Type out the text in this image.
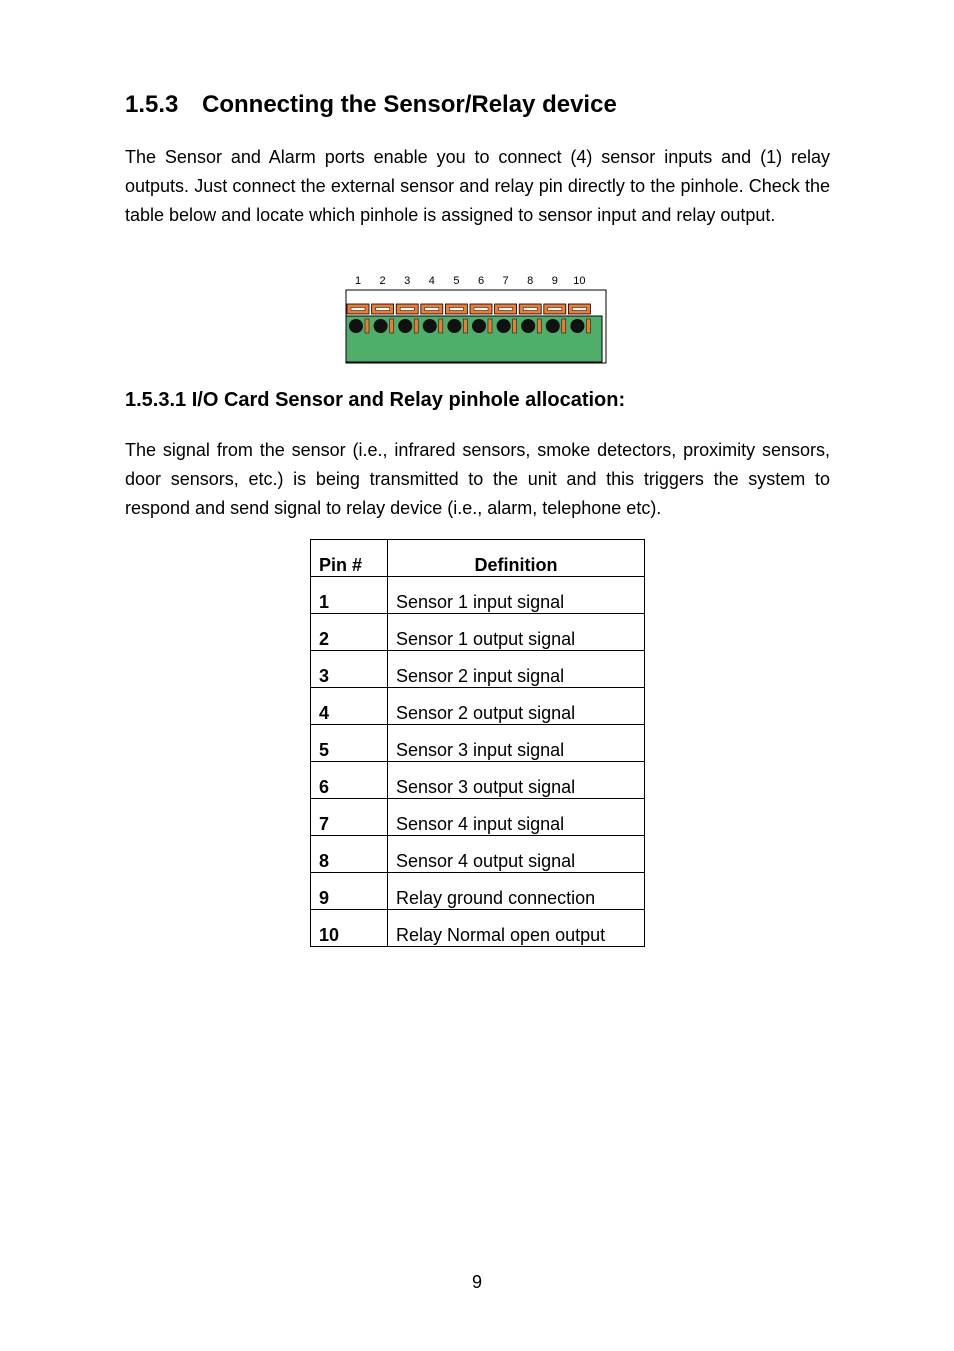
1.5.3 Connecting the Sensor/Relay device

The Sensor and Alarm ports enable you to connect (4) sensor inputs and (1) relay outputs. Just connect the external sensor and relay pin directly to the pinhole. Check the table below and locate which pinhole is assigned to sensor input and relay output.

1 2 3 4 5 6 7 8 9 10
1.5.3.1 I/O Card Sensor and Relay pinhole allocation:

The signal from the sensor (i.e., infrared sensors, smoke detectors, proximity sensors, door sensors, etc.) is being transmitted to the unit and this triggers the system to respond and send signal to relay device (i.e., alarm, telephone etc).

Pin #	Definition
1	Sensor 1 input signal
2	Sensor 1 output signal
3	Sensor 2 input signal
4	Sensor 2 output signal
5	Sensor 3 input signal
6	Sensor 3 output signal
7	Sensor 4 input signal
8	Sensor 4 output signal
9	Relay ground connection
10	Relay Normal open output
9
